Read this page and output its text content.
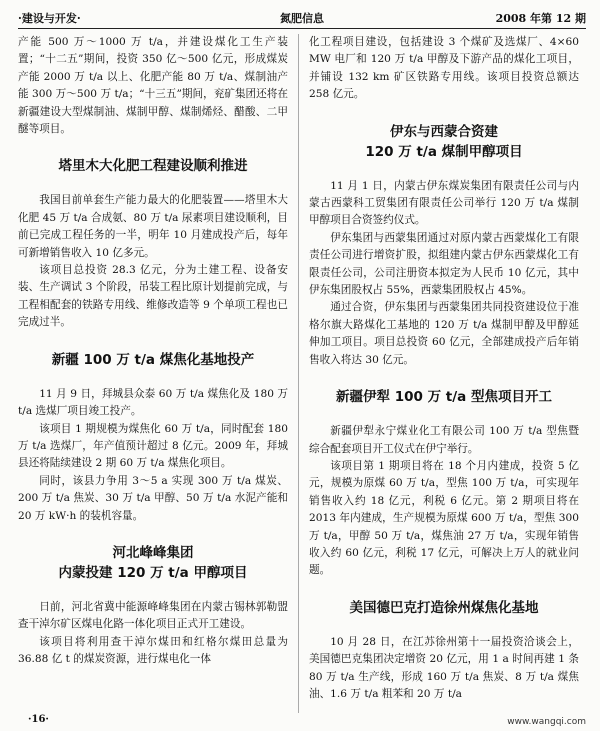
·建设与开发·	氮肥信息	2008 年第 12 期

产能 500 万～1000 万 t/a，并建设煤化工生产装置；“十二五”期间，投资 350 亿～500 亿元，形成煤炭产能 2000 万 t/a 以上、化肥产能 80 万 t/a、煤制油产能 300 万～500 万 t/a；“十三五”期间，兖矿集团还将在新疆建设大型煤制油、煤制甲醇、煤制烯烃、醋酸、二甲醚等项目。

塔里木大化肥工程建设顺利推进

我国目前单套生产能力最大的化肥装置——塔里木大化肥 45 万 t/a 合成氨、80 万 t/a 尿素项目建设顺利，目前已完成工程任务的一半，明年 10 月建成投产后，每年可新增销售收入 10 亿多元。

该项目总投资 28.3 亿元，分为土建工程、设备安装、生产调试 3 个阶段，吊装工程比原计划提前完成，与工程相配套的铁路专用线、维修改造等 9 个单项工程也已完成过半。

新疆 100 万 t/a 煤焦化基地投产

11 月 9 日，拜城县众泰 60 万 t/a 煤焦化及 180 万 t/a 选煤厂项目竣工投产。

该项目 1 期规模为煤焦化 60 万 t/a，同时配套 180 万 t/a 选煤厂，年产值预计超过 8 亿元。2009 年，拜城县还将陆续建设 2 期 60 万 t/a 煤焦化项目。

同时，该县力争用 3～5 a 实现 300 万 t/a 煤炭、200 万 t/a 焦炭、30 万 t/a 甲醇、50 万 t/a 水泥产能和 20 万 kW·h 的装机容量。

河北峰峰集团
内蒙投建 120 万 t/a 甲醇项目

日前，河北省冀中能源峰峰集团在内蒙古锡林郭勒盟查干淖尔矿区煤电化路一体化项目正式开工建设。

该项目将利用查干淖尔煤田和红格尔煤田总量为 36.88 亿 t 的煤炭资源，进行煤电化一体

化工程项目建设，包括建设 3 个煤矿及选煤厂、4×60 MW 电厂和 120 万 t/a 甲醇及下游产品的煤化工项目，并铺设 132 km 矿区铁路专用线。该项目投资总额达 258 亿元。

伊东与西蒙合资建
120 万 t/a 煤制甲醇项目

11 月 1 日，内蒙古伊东煤炭集团有限责任公司与内蒙古西蒙科工贸集团有限责任公司举行 120 万 t/a 煤制甲醇项目合资签约仪式。

伊东集团与西蒙集团通过对原内蒙古西蒙煤化工有限责任公司进行增资扩股，拟组建内蒙古伊东西蒙煤化工有限责任公司，公司注册资本拟定为人民币 10 亿元，其中伊东集团股权占 55%，西蒙集团股权占 45%。

通过合资，伊东集团与西蒙集团共同投资建设位于准格尔旗大路煤化工基地的 120 万 t/a 煤制甲醇及甲醇延伸加工项目。项目总投资 60 亿元，全部建成投产后年销售收入将达 30 亿元。

新疆伊犁 100 万 t/a 型焦项目开工

新疆伊犁永宁煤业化工有限公司 100 万 t/a 型焦暨综合配套项目开工仪式在伊宁举行。

该项目第 1 期项目将在 18 个月内建成，投资 5 亿元，规模为原煤 60 万 t/a，型焦 100 万 t/a，可实现年销售收入约 18 亿元，利税 6 亿元。第 2 期项目将在 2013 年内建成，生产规模为原煤 600 万 t/a，型焦 300 万 t/a，甲醇 50 万 t/a，煤焦油 27 万 t/a，实现年销售收入约 60 亿元，利税 17 亿元，可解决上万人的就业问题。

美国德巴克打造徐州煤焦化基地

10 月 28 日，在江苏徐州第十一届投资洽谈会上，美国德巴克集团决定增资 20 亿元，用 1 a 时间再建 1 条 80 万 t/a 生产线，形成 160 万 t/a 焦炭、8 万 t/a 煤焦油、1.6 万 t/a 粗苯和 20 万 t/a

·16·	www.wangqi.com
